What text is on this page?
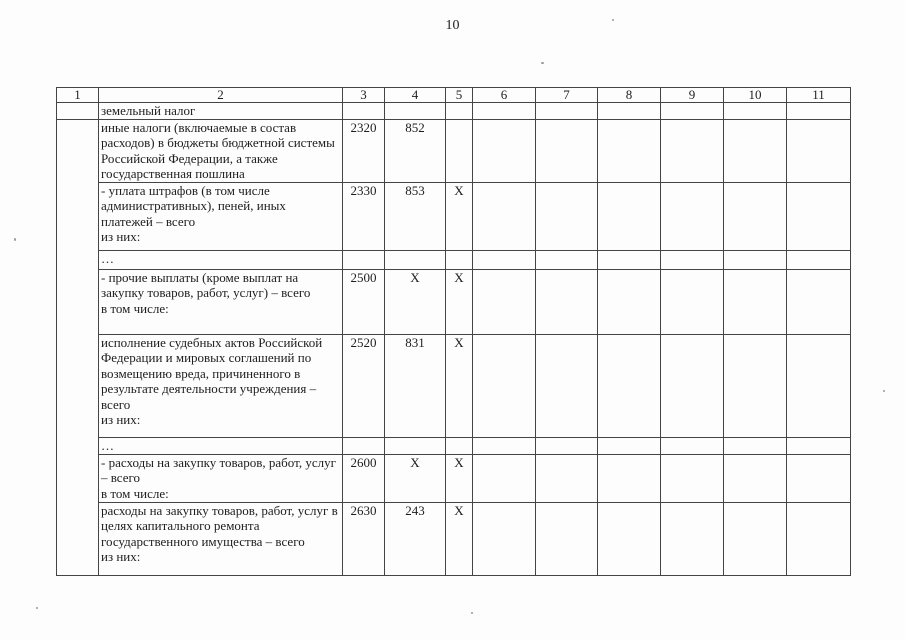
10
1	2	3	4	5	6	7	8	9	10	11
	земельный налог									
	иные налоги (включаемые в состав расходов) в бюджеты бюджетной системы Российской Федерации, а также государственная пошлина	2320	852							
	- уплата штрафов (в том числе административных), пеней, иных платежей – всего
из них:	2330	853	Х						
	…									
	- прочие выплаты (кроме выплат на закупку товаров, работ, услуг) – всего
в том числе:	2500	Х	Х						
	исполнение судебных актов Российской Федерации и мировых соглашений по возмещению вреда, причиненного в результате деятельности учреждения – всего
из них:	2520	831	Х						
	…									
	- расходы на закупку товаров, работ, услуг – всего
в том числе:	2600	Х	Х						
	расходы на закупку товаров, работ, услуг в целях капитального ремонта государственного имущества – всего
из них:	2630	243	Х						
